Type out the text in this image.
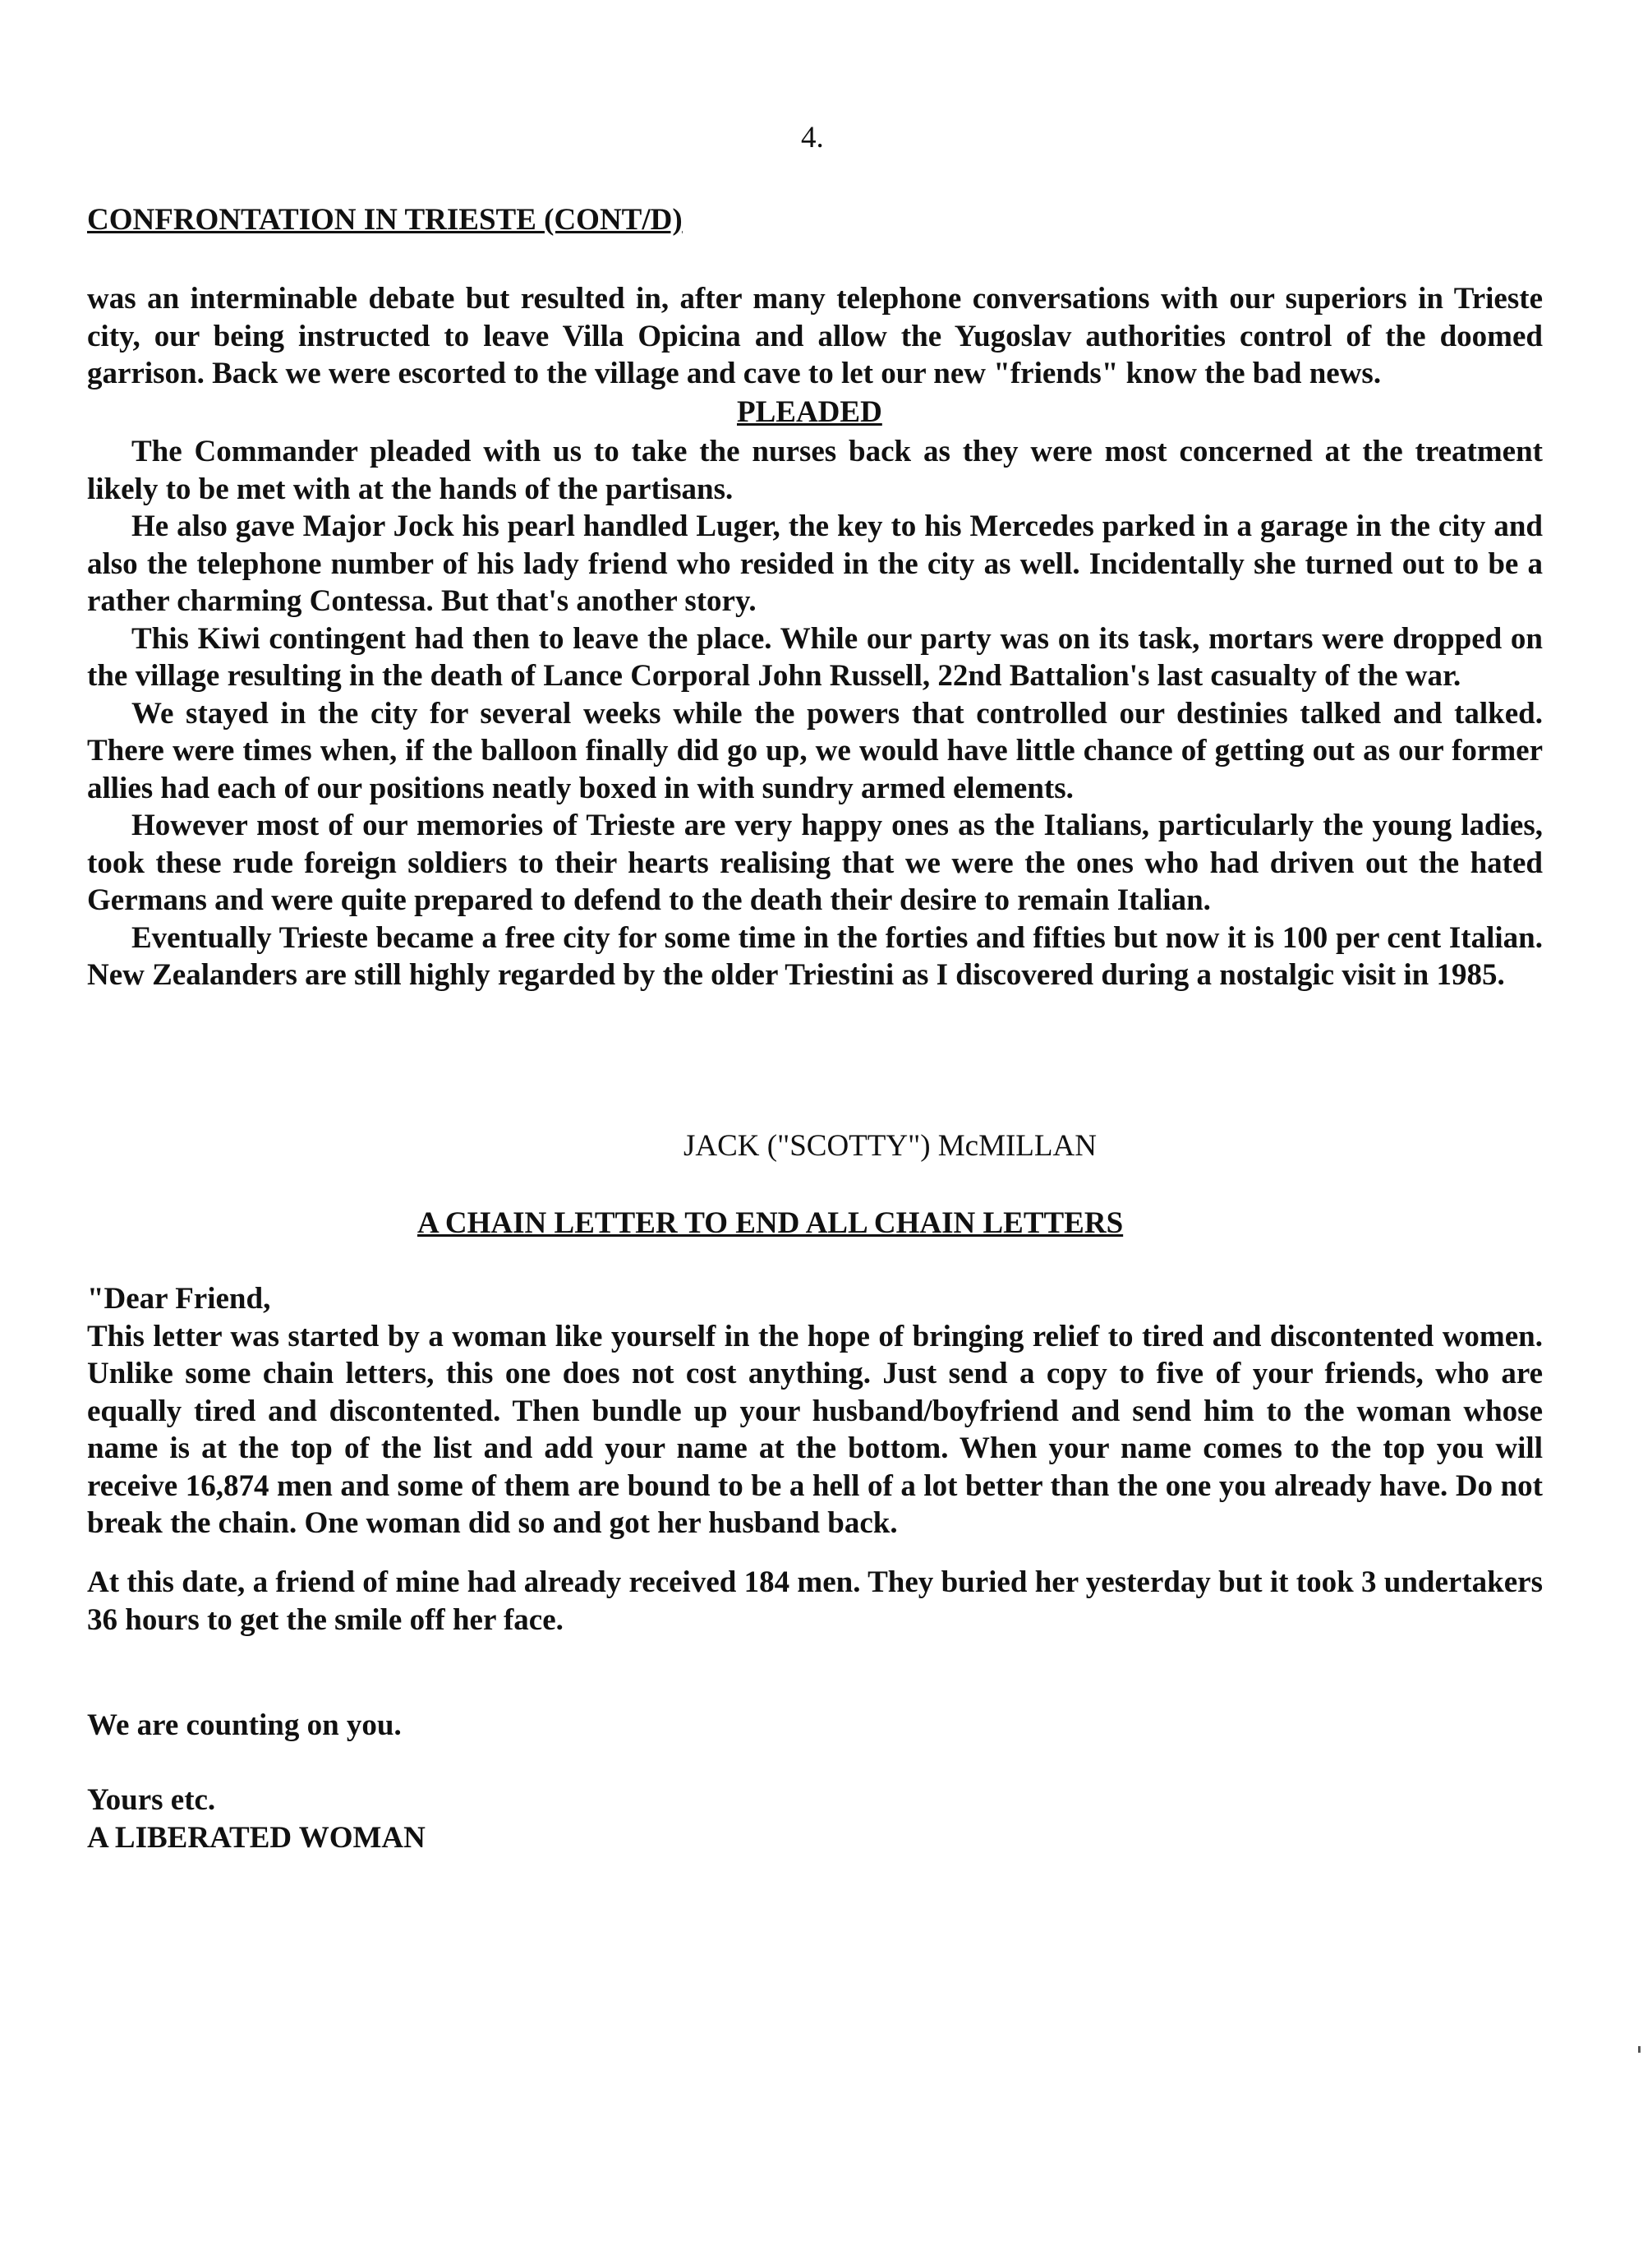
4.
CONFRONTATION IN TRIESTE (CONT/D)

was an interminable debate but resulted in, after many telephone conversations with our superiors in Trieste city, our being instructed to leave Villa Opicina and allow the Yugoslav authorities control of the doomed garrison. Back we were escorted to the village and cave to let our new "friends" know the bad news.

PLEADED

The Commander pleaded with us to take the nurses back as they were most concerned at the treatment likely to be met with at the hands of the partisans.

He also gave Major Jock his pearl handled Luger, the key to his Mercedes parked in a garage in the city and also the telephone number of his lady friend who resided in the city as well. Incidentally she turned out to be a rather charming Contessa. But that's another story.

This Kiwi contingent had then to leave the place. While our party was on its task, mortars were dropped on the village resulting in the death of Lance Corporal John Russell, 22nd Battalion's last casualty of the war.

We stayed in the city for several weeks while the powers that controlled our destinies talked and talked. There were times when, if the balloon finally did go up, we would have little chance of getting out as our former allies had each of our positions neatly boxed in with sundry armed elements.

However most of our memories of Trieste are very happy ones as the Italians, particularly the young ladies, took these rude foreign soldiers to their hearts realising that we were the ones who had driven out the hated Germans and were quite prepared to defend to the death their desire to remain Italian.

Eventually Trieste became a free city for some time in the forties and fifties but now it is 100 per cent Italian. New Zealanders are still highly regarded by the older Triestini as I discovered during a nostalgic visit in 1985.

JACK ("SCOTTY") McMILLAN
A CHAIN LETTER TO END ALL CHAIN LETTERS

"Dear Friend,

This letter was started by a woman like yourself in the hope of bringing relief to tired and discontented women. Unlike some chain letters, this one does not cost anything. Just send a copy to five of your friends, who are equally tired and discontented. Then bundle up your husband/boyfriend and send him to the woman whose name is at the top of the list and add your name at the bottom. When your name comes to the top you will receive 16,874 men and some of them are bound to be a hell of a lot better than the one you already have. Do not break the chain. One woman did so and got her husband back.

At this date, a friend of mine had already received 184 men. They buried her yesterday but it took 3 undertakers 36 hours to get the smile off her face.

We are counting on you.

Yours etc.

A LIBERATED WOMAN
